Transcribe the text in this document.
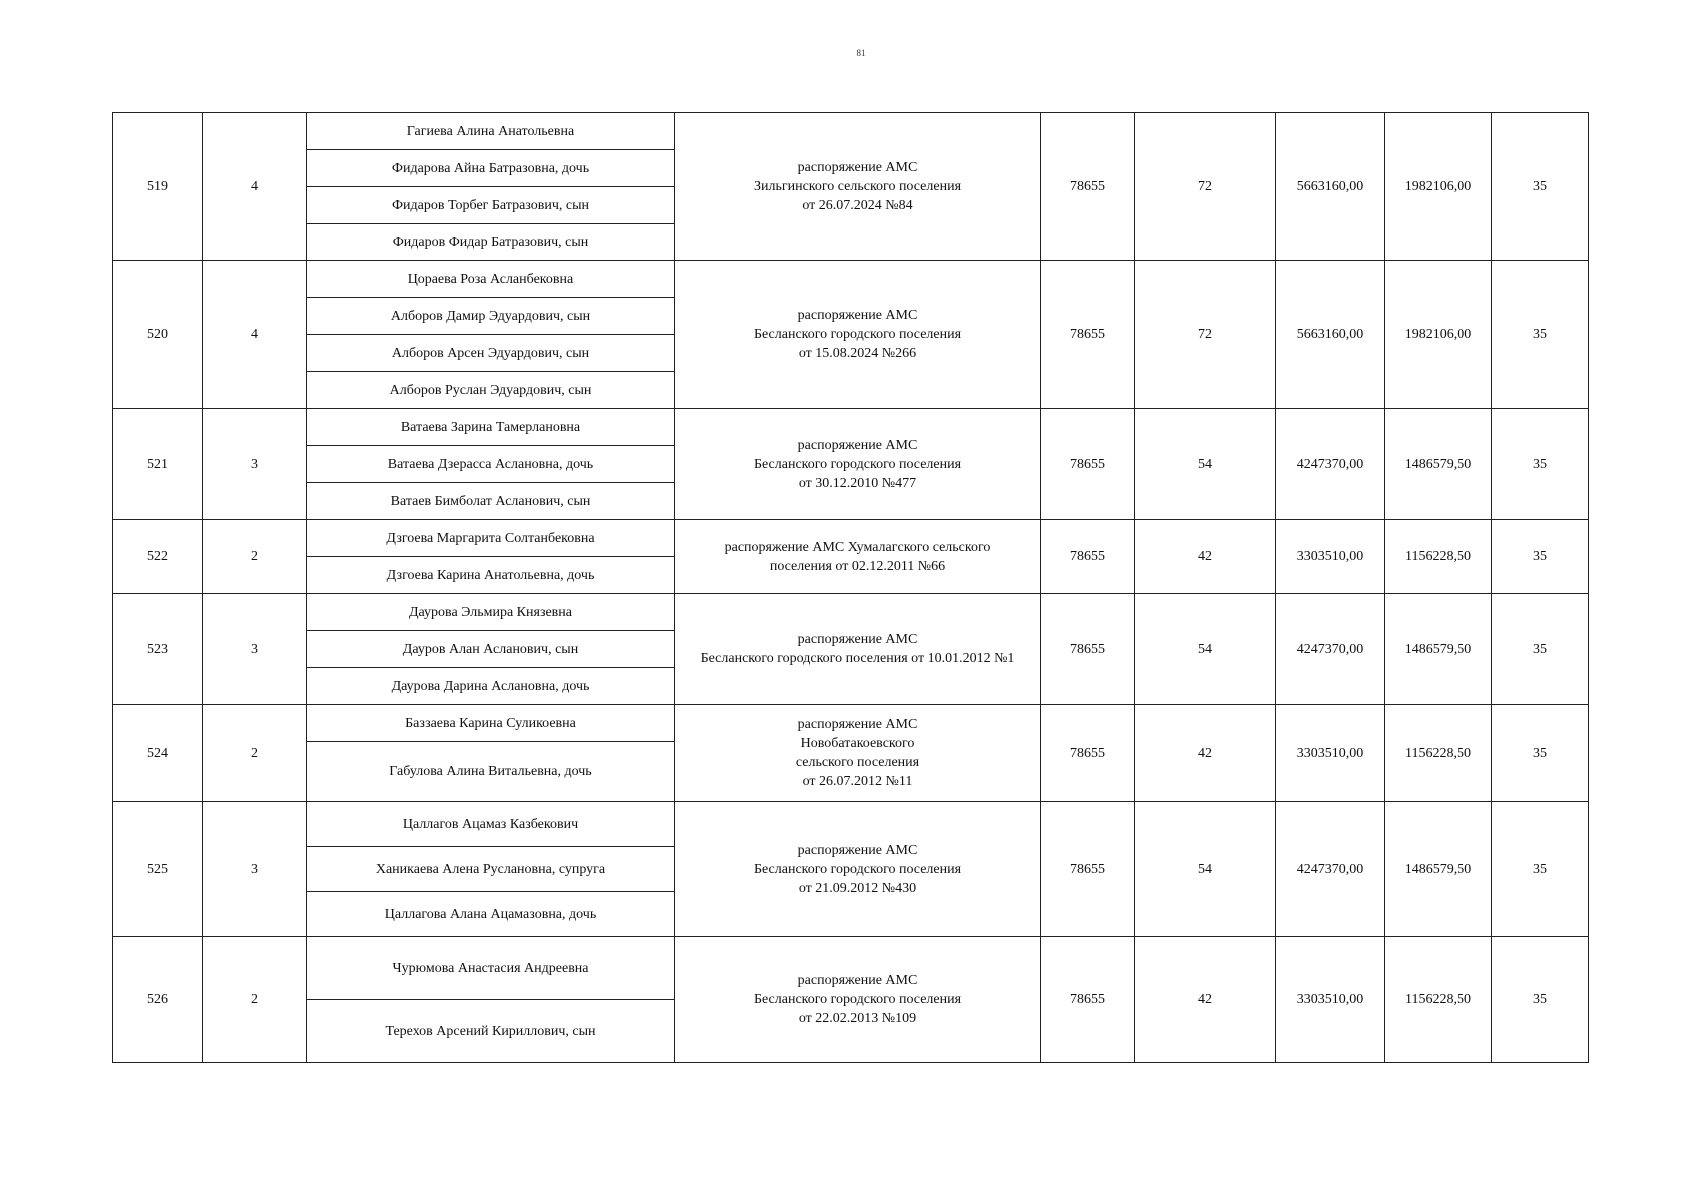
81
519	4	Гагиева Алина Анатольевна	распоряжение АМС
Зильгинского сельского поселения
от 26.07.2024 №84	78655	72	5663160,00	1982106,00	35
		Фидарова Айна Батразовна, дочь						
		Фидаров Торбег Батразович, сын						
		Фидаров Фидар Батразович, сын						
520	4	Цораева Роза Асланбековна	распоряжение АМС
Бесланского городского поселения
от 15.08.2024 №266	78655	72	5663160,00	1982106,00	35
		Алборов Дамир Эдуардович, сын						
		Алборов Арсен Эдуардович, сын						
		Алборов Руслан Эдуардович, сын						
521	3	Ватаева Зарина Тамерлановна	распоряжение АМС
Бесланского городского поселения
от 30.12.2010 №477	78655	54	4247370,00	1486579,50	35
		Ватаева Дзерасса Аслановна, дочь						
		Ватаев Бимболат Асланович, сын						
522	2	Дзгоева Маргарита Солтанбековна	распоряжение АМС Хумалагского сельского
поселения от 02.12.2011 №66	78655	42	3303510,00	1156228,50	35
		Дзгоева Карина Анатольевна, дочь						
523	3	Даурова Эльмира Князевна	распоряжение АМС
Бесланского городского поселения от 10.01.2012 №1	78655	54	4247370,00	1486579,50	35
		Дауров Алан Асланович, сын						
		Даурова Дарина Аслановна, дочь						
524	2	Баззаева Карина Суликоевна	распоряжение АМС
Новобатакоевского
сельского поселения
от 26.07.2012 №11	78655	42	3303510,00	1156228,50	35
		Габулова Алина Витальевна, дочь						
525	3	Цаллагов Ацамаз Казбекович	распоряжение АМС
Бесланского городского поселения
от 21.09.2012 №430	78655	54	4247370,00	1486579,50	35
		Ханикаева Алена Руслановна, супруга						
		Цаллагова Алана Ацамазовна, дочь						
526	2	Чурюмова Анастасия Андреевна	распоряжение АМС
Бесланского городского поселения
от 22.02.2013 №109	78655	42	3303510,00	1156228,50	35
		Терехов Арсений Кириллович, сын						
